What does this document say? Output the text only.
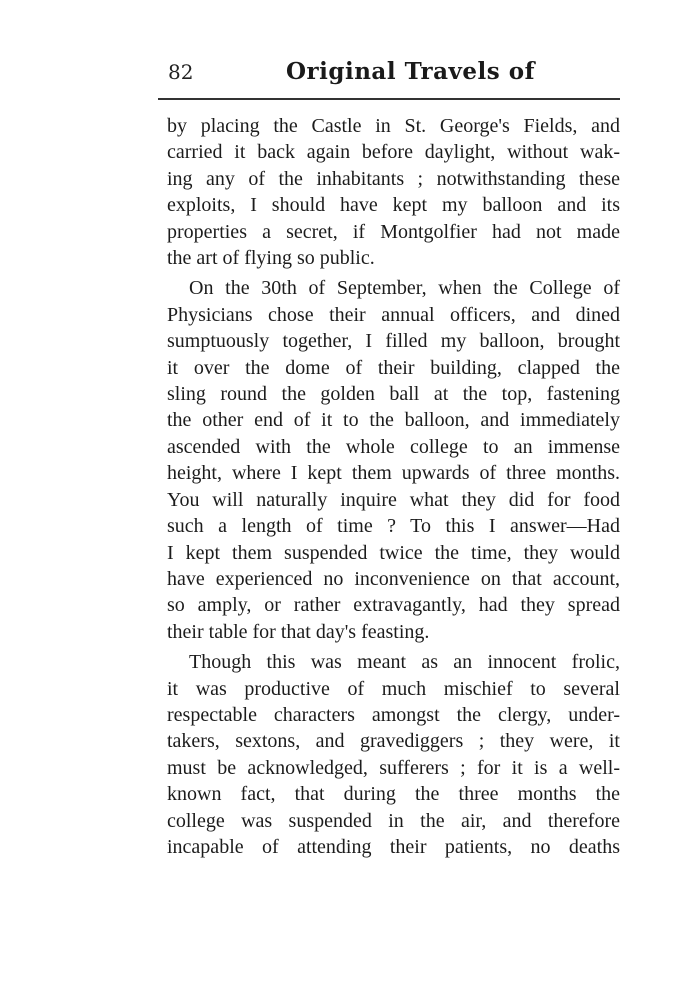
82	Original Travels of
by placing the Castle in St. George's Fields, and
carried it back again before daylight, without wak-
ing any of the inhabitants ; notwithstanding these
exploits, I should have kept my balloon and its
properties a secret, if Montgolfier had not made
the art of flying so public.
On the 30th of September, when the College of
Physicians chose their annual officers, and dined
sumptuously together, I filled my balloon, brought
it over the dome of their building, clapped the
sling round the golden ball at the top, fastening
the other end of it to the balloon, and immediately
ascended with the whole college to an immense
height, where I kept them upwards of three months.
You will naturally inquire what they did for food
such a length of time ? To this I answer—Had
I kept them suspended twice the time, they would
have experienced no inconvenience on that account,
so amply, or rather extravagantly, had they spread
their table for that day's feasting.
Though this was meant as an innocent frolic,
it was productive of much mischief to several
respectable characters amongst the clergy, under-
takers, sextons, and gravediggers ; they were, it
must be acknowledged, sufferers ; for it is a well-
known fact, that during the three months the
college was suspended in the air, and therefore
incapable of attending their patients, no deaths
